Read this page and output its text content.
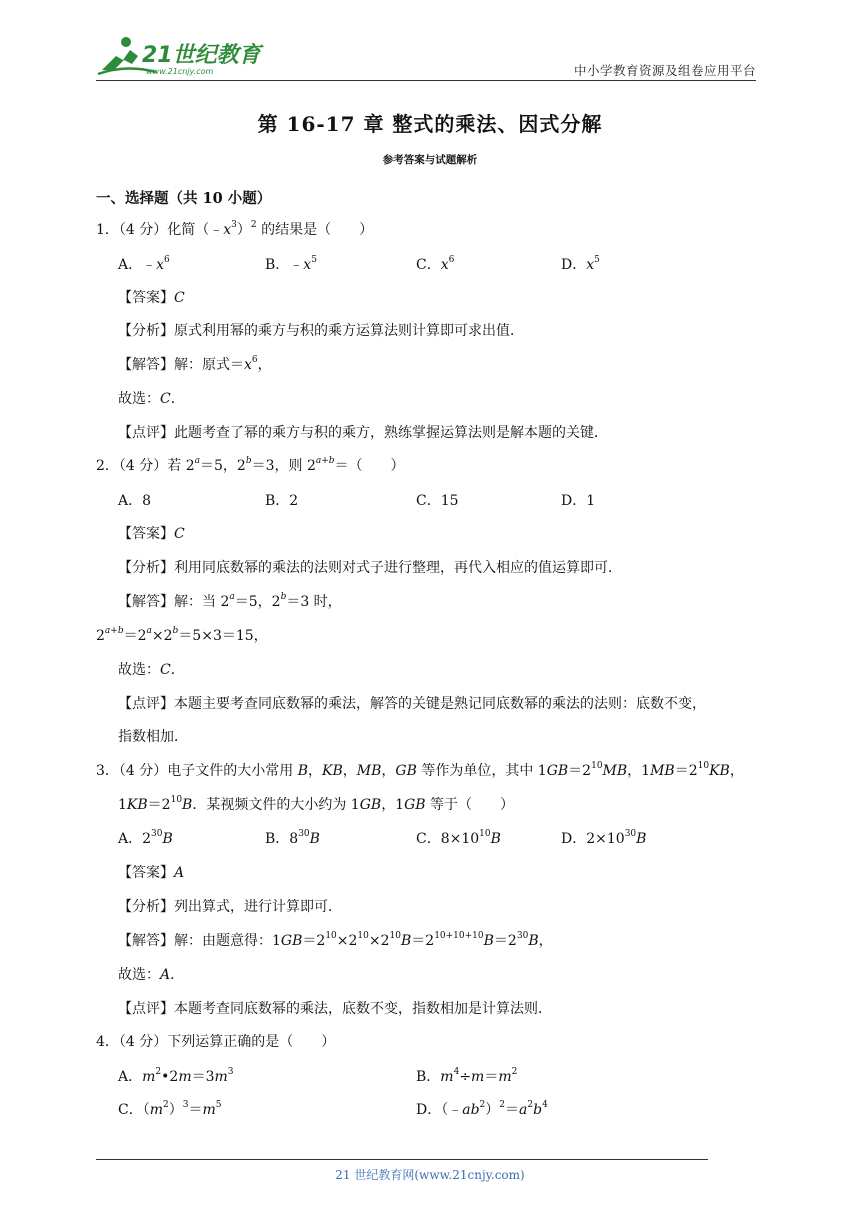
21世纪教育
www.21cnjy.com	中小学教育资源及组卷应用平台
第 16-17 章 整式的乘法、因式分解
参考答案与试题解析
一、选择题（共 10 小题）
1．（4 分）化简$(﹣x^3)^2$ 的结果是（　　）
A．$﹣x^6$	B．$﹣x^5$	C．$x^6$	D．$x^5$
【答案】C
【分析】原式利用幂的乘方与积的乘方运算法则计算即可求出值．
【解答】解：原式$=x^6$，
故选：C．
【点评】此题考查了幂的乘方与积的乘方，熟练掌握运算法则是解本题的关键．
2．（4 分）若 $2^a=5$，$2^b=3$，则 $2^{a+b}=$（　　）
A．8	B．2	C．15	D．1
【答案】C
【分析】利用同底数幂的乘法的法则对式子进行整理，再代入相应的值运算即可．
【解答】解：当 $2^a=5$，$2^b=3$ 时，
$2^{a+b}=2^a\times 2^b=5\times 3=15$，
故选：C．
【点评】本题主要考查同底数幂的乘法，解答的关键是熟记同底数幂的乘法的法则：底数不变，
指数相加．
3．（4 分）电子文件的大小常用 B，KB，MB，GB 等作为单位，其中 $1GB=2^{10}MB$，$1MB=2^{10}KB$，
$1KB=2^{10}B$．某视频文件的大小约为 1GB，1GB 等于（　　）
A．$2^{30}B$	B．$8^{30}B$	C．$8\times 10^{10}B$	D．$2\times 10^{30}B$
【答案】A
【分析】列出算式，进行计算即可．
【解答】解：由题意得：$1GB=2^{10}\times 2^{10}\times 2^{10}B=2^{10+10+10}B=2^{30}B$，
故选：A．
【点评】本题考查同底数幂的乘法，底数不变，指数相加是计算法则．
4．（4 分）下列运算正确的是（　　）
A．$m^2•2m=3m^3$	B．$m^4\div m=m^2$
C．$(m^2)^3=m^5$	D．$(﹣ab^2)^2=a^2b^4$
21 世纪教育网(www.21cnjy.com)
